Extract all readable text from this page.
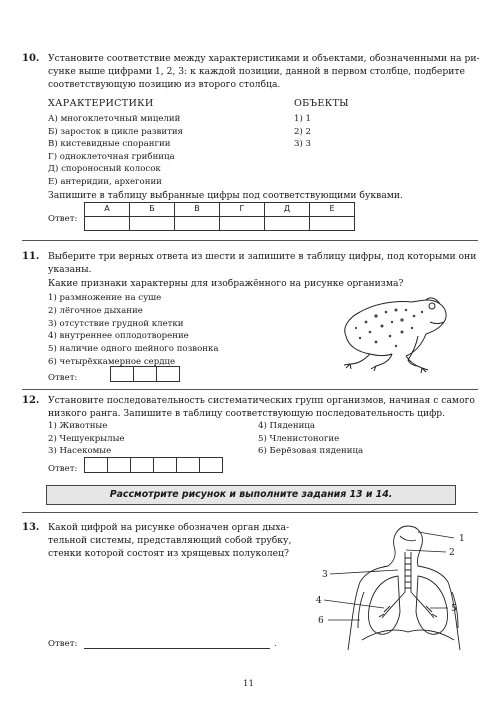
10. Установите соответствие между характеристиками и объектами, обозначенными на ри-
сунке выше цифрами 1, 2, 3: к каждой позиции, данной в первом столбце, подберите
соответствующую позицию из второго столбца.
ХАРАКТЕРИСТИКИ	ОБЪЕКТЫ
А) многоклеточный мицелий
Б) заросток в цикле развития
В) кистевидные спорангии
Г) одноклеточная грибница
Д) спороносный колосок
Е) антеридии, архегонии
1) 1
2) 2
3) 3
Запишите в таблицу выбранные цифры под соответствующими буквами.
Ответ:
А	Б	В	Г	Д	Е
11. Выберите три верных ответа из шести и запишите в таблицу цифры, под которыми они
указаны.
Какие признаки характерны для изображённого на рисунке организма?
1) размножение на суше
2) лёгочное дыхание
3) отсутствие грудной клетки
4) внутреннее оплодотворение
5) наличие одного шейного позвонка
6) четырёхкамерное сердце
Ответ:
12. Установите последовательность систематических групп организмов, начиная с самого
низкого ранга. Запишите в таблицу соответствующую последовательность цифр.
1) Животные
2) Чешуекрылые
3) Насекомые
4) Пяденица
5) Членистоногие
6) Берёзовая пяденица
Ответ:
Рассмотрите рисунок и выполните задания 13 и 14.
13. Какой цифрой на рисунке обозначен орган дыха-
тельной системы, представляющий собой трубку,
стенки которой состоят из хрящевых полуколец?
1
2
3
4
5
6
Ответ:	.
11
